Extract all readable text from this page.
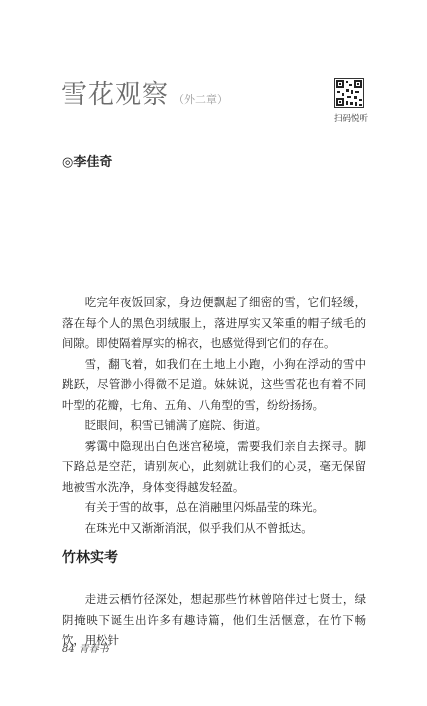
雪花观察 （外二章）
扫码悦听
◎李佳奇

吃完年夜饭回家，身边便飘起了细密的雪，它们轻缓，落在每个人的黑色羽绒服上，落进厚实又笨重的帽子绒毛的间隙。即使隔着厚实的棉衣，也感觉得到它们的存在。

雪，翻飞着，如我们在土地上小跑，小狗在浮动的雪中跳跃，尽管渺小得微不足道。妹妹说，这些雪花也有着不同叶型的花瓣，七角、五角、八角型的雪，纷纷扬扬。

眨眼间，积雪已铺满了庭院、街道。

雾霭中隐现出白色迷宫秘境，需要我们亲自去探寻。脚下路总是空茫，请别灰心，此刻就让我们的心灵，毫无保留地被雪水洗净，身体变得越发轻盈。

有关于雪的故事，总在消融里闪烁晶莹的珠光。

在珠光中又渐渐消泯，似乎我们从不曾抵达。

竹林实考

走进云栖竹径深处，想起那些竹林曾陪伴过七贤士，绿阴掩映下诞生出许多有趣诗篇，他们生活惬意，在竹下畅饮，用松针

84 青春书
